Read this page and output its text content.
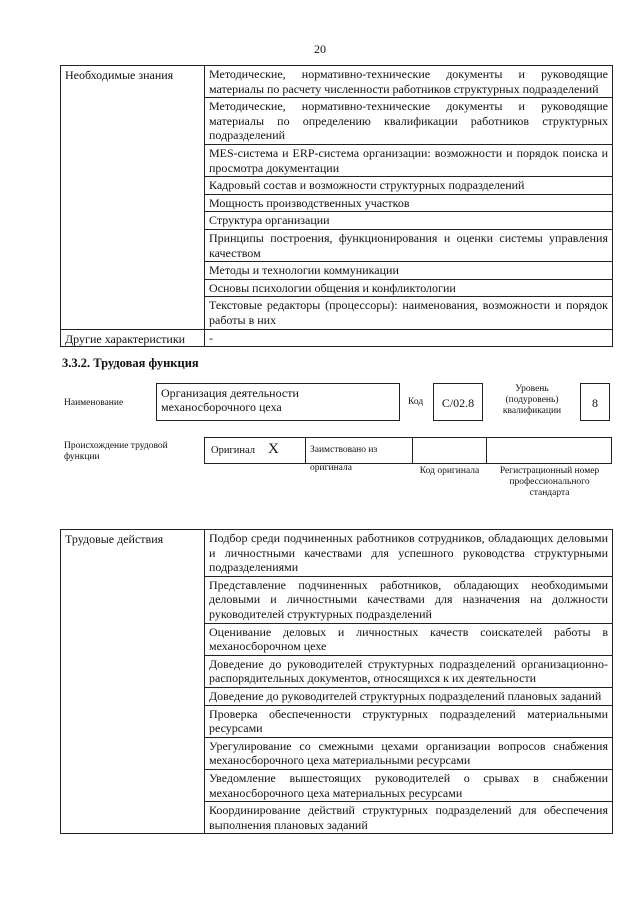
20
Необходимые знания	Методические, нормативно-технические документы и руководящие материалы по расчету численности работников структурных подразделений
	Методические, нормативно-технические документы и руководящие материалы по определению квалификации работников структурных подразделений
	MES-система и ERP-система организации: возможности и порядок поиска и просмотра документации
	Кадровый состав и возможности структурных подразделений
	Мощность производственных участков
	Структура организации
	Принципы построения, функционирования и оценки системы управления качеством
	Методы и технологии коммуникации
	Основы психологии общения и конфликтологии
	Текстовые редакторы (процессоры): наименования, возможности и порядок работы в них
Другие характеристики	-
3.3.2. Трудовая функция
Наименование
Организация деятельности механосборочного цеха	Код	С/02.8
Уровень (подуровень) квалификации
8
Происхождение трудовой функции
Оригинал X	Заимствовано из оригинала	Код оригинала	Регистрационный номер профессионального стандарта
Трудовые действия	Подбор среди подчиненных работников сотрудников, обладающих деловыми и личностными качествами для успешного руководства структурными подразделениями
Представление подчиненных работников, обладающих необходимыми деловыми и личностными качествами для назначения на должности руководителей структурных подразделений
Оценивание деловых и личностных качеств соискателей работы в механосборочном цехе
Доведение до руководителей структурных подразделений организационно-распорядительных документов, относящихся к их деятельности
Доведение до руководителей структурных подразделений плановых заданий
Проверка обеспеченности структурных подразделений материальными ресурсами
Урегулирование со смежными цехами организации вопросов снабжения механосборочного цеха материальными ресурсами
Уведомление вышестоящих руководителей о срывах в снабжении механосборочного цеха материальных ресурсами
Координирование действий структурных подразделений для обеспечения выполнения плановых заданий
